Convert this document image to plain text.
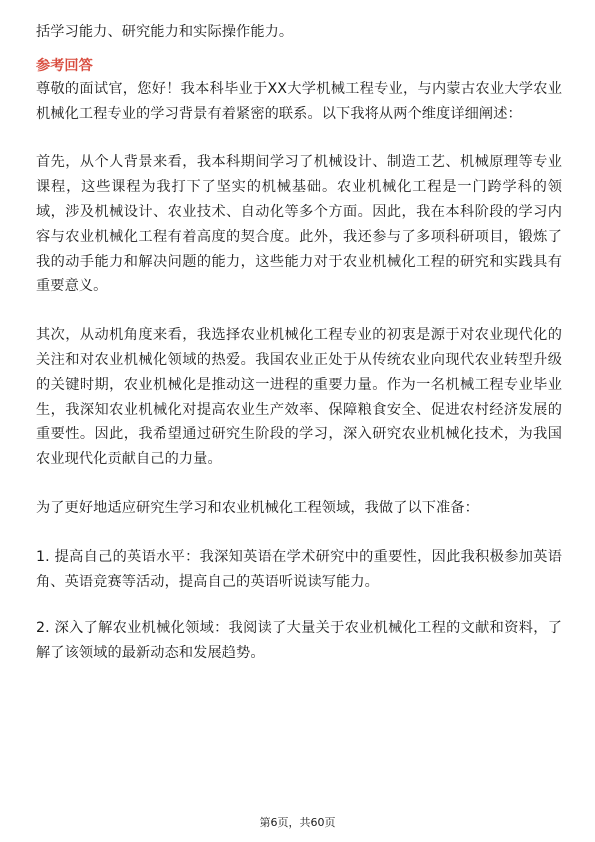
括学习能力、研究能力和实际操作能力。

参考回答

尊敬的面试官，您好！我本科毕业于XX大学机械工程专业，与内蒙古农业大学农业机械化工程专业的学习背景有着紧密的联系。以下我将从两个维度详细阐述：

首先，从个人背景来看，我本科期间学习了机械设计、制造工艺、机械原理等专业课程，这些课程为我打下了坚实的机械基础。农业机械化工程是一门跨学科的领域，涉及机械设计、农业技术、自动化等多个方面。因此，我在本科阶段的学习内容与农业机械化工程有着高度的契合度。此外，我还参与了多项科研项目，锻炼了我的动手能力和解决问题的能力，这些能力对于农业机械化工程的研究和实践具有重要意义。

其次，从动机角度来看，我选择农业机械化工程专业的初衷是源于对农业现代化的关注和对农业机械化领域的热爱。我国农业正处于从传统农业向现代农业转型升级的关键时期，农业机械化是推动这一进程的重要力量。作为一名机械工程专业毕业生，我深知农业机械化对提高农业生产效率、保障粮食安全、促进农村经济发展的重要性。因此，我希望通过研究生阶段的学习，深入研究农业机械化技术，为我国农业现代化贡献自己的力量。

为了更好地适应研究生学习和农业机械化工程领域，我做了以下准备：

1. 提高自己的英语水平：我深知英语在学术研究中的重要性，因此我积极参加英语角、英语竞赛等活动，提高自己的英语听说读写能力。

2. 深入了解农业机械化领域：我阅读了大量关于农业机械化工程的文献和资料，了解了该领域的最新动态和发展趋势。

第6页，共60页
